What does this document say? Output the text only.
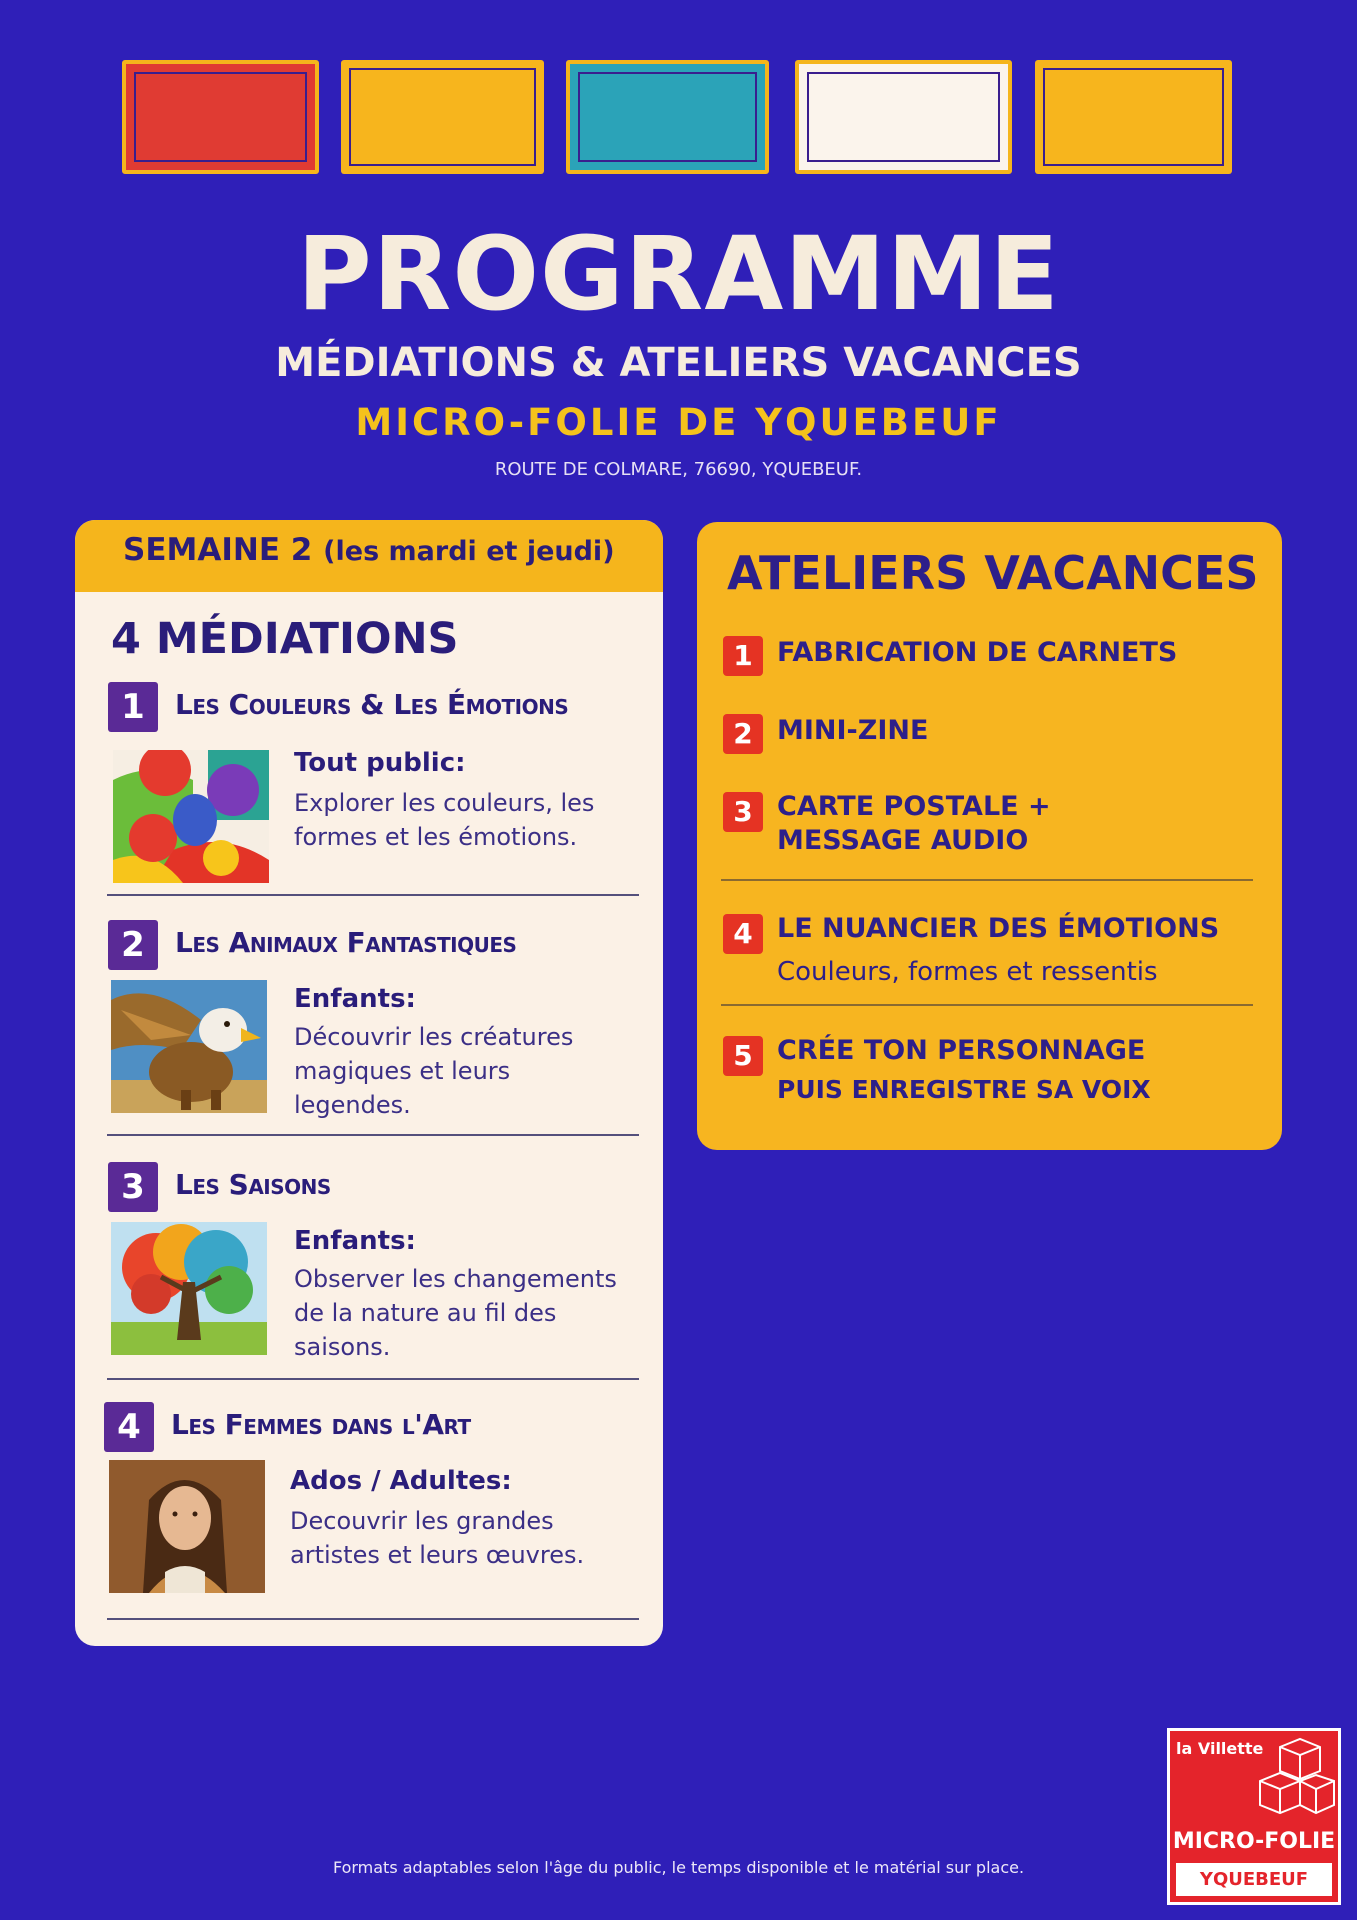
PROGRAMME
MÉDIATIONS & ATELIERS VACANCES
MICRO-FOLIE DE YQUEBEUF
ROUTE DE COLMARE, 76690, YQUEBEUF.
SEMAINE 2 (les mardi et jeudi)
4 MÉDIATIONS
1	Les Couleurs & Les Émotions
Tout public:
Explorer les couleurs, les formes et les émotions.
2	Les Animaux Fantastiques
Enfants:
Découvrir les créatures magiques et leurs legendes.
3	Les Saisons
Enfants:
Observer les changements de la nature au fil des saisons.
4	Les Femmes dans l'Art
Ados / Adultes:
Decouvrir les grandes artistes et leurs œuvres.
ATELIERS VACANCES
1 FABRICATION DE CARNETS
2 MINI-ZINE
3 CARTE POSTALE + MESSAGE AUDIO
4 LE NUANCIER DES ÉMOTIONS
Couleurs, formes et ressentis
5 CRÉE TON PERSONNAGE
PUIS ENREGISTRE SA VOIX
Formats adaptables selon l'âge du public, le temps disponible et le matérial sur place.
la Villette
MICRO-FOLIE
YQUEBEUF
